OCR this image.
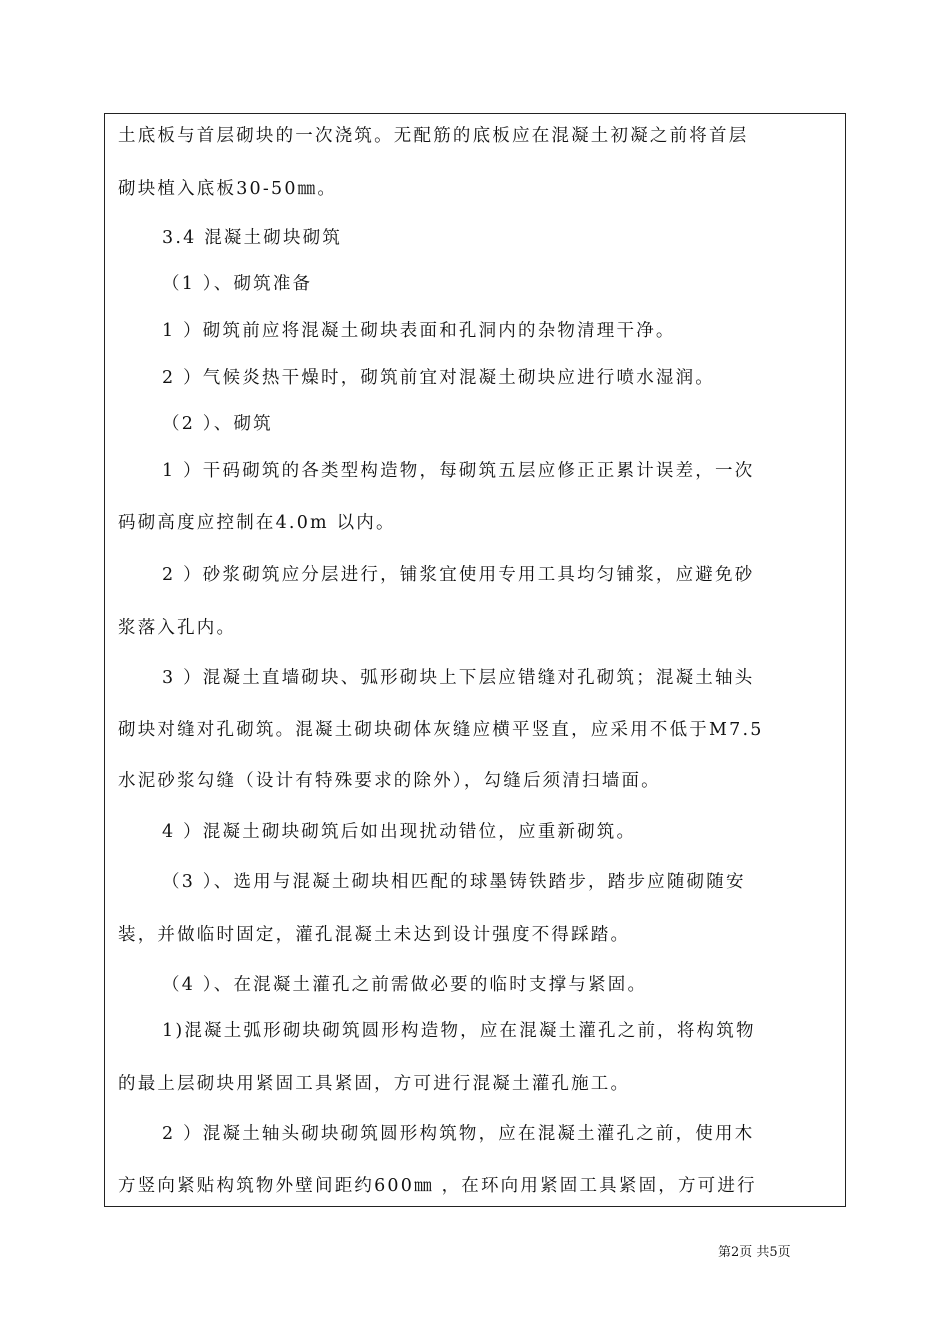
土底板与首层砌块的一次浇筑。无配筋的底板应在混凝土初凝之前将首层
砌块植入底板30-50㎜。
3.4 混凝土砌块砌筑
（1 ）、砌筑准备
1 ）砌筑前应将混凝土砌块表面和孔洞内的杂物清理干净。
2 ）气候炎热干燥时，砌筑前宜对混凝土砌块应进行喷水湿润。
（2 ）、砌筑
1 ）干码砌筑的各类型构造物，每砌筑五层应修正正累计误差，一次
码砌高度应控制在4.0m 以内。
2 ）砂浆砌筑应分层进行，铺浆宜使用专用工具均匀铺浆，应避免砂
浆落入孔内。
3 ）混凝土直墙砌块、弧形砌块上下层应错缝对孔砌筑；混凝土轴头
砌块对缝对孔砌筑。混凝土砌块砌体灰缝应横平竖直，应采用不低于M7.5
水泥砂浆勾缝（设计有特殊要求的除外），勾缝后须清扫墙面。
4 ）混凝土砌块砌筑后如出现扰动错位，应重新砌筑。
（3 ）、选用与混凝土砌块相匹配的球墨铸铁踏步，踏步应随砌随安
装，并做临时固定，灌孔混凝土未达到设计强度不得踩踏。
（4 ）、在混凝土灌孔之前需做必要的临时支撑与紧固。
1)混凝土弧形砌块砌筑圆形构造物，应在混凝土灌孔之前，将构筑物
的最上层砌块用紧固工具紧固，方可进行混凝土灌孔施工。
2 ）混凝土轴头砌块砌筑圆形构筑物，应在混凝土灌孔之前，使用木
方竖向紧贴构筑物外壁间距约600㎜ ，在环向用紧固工具紧固，方可进行
第2页 共5页
